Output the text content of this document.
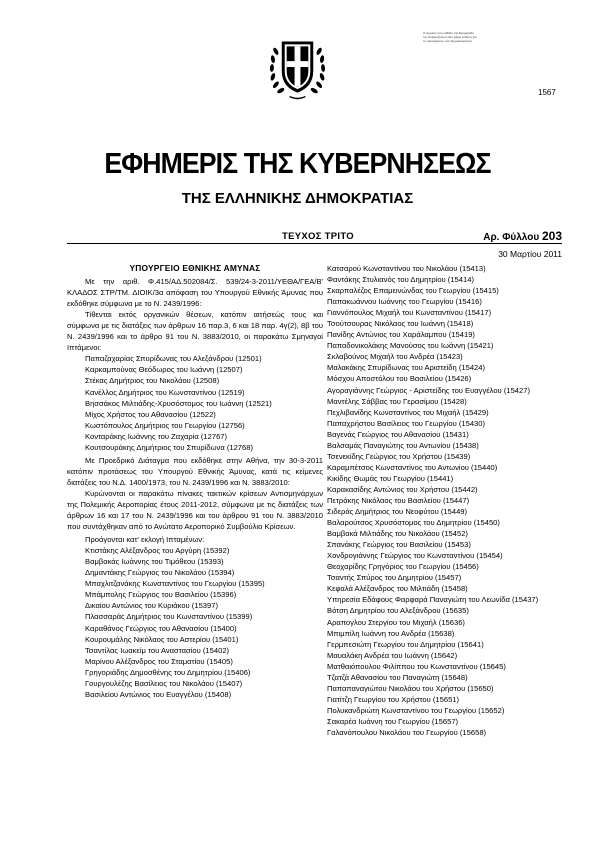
Ο φορέας που εκδίδει την Εφημερίδα της Κυβερνήσεως δεν φέρει ευθύνη για το περιεχόμενο των δημοσιευμάτων
1567
ΕΦΗΜΕΡΙΣ ΤΗΣ ΚΥΒΕΡΝΗΣΕΩΣ
ΤΗΣ ΕΛΛΗΝΙΚΗΣ ΔΗΜΟΚΡΑΤΙΑΣ
ΤΕΥΧΟΣ ΤΡΙΤΟ	Αρ. Φύλλου 203
30 Μαρτίου 2011
ΥΠΟΥΡΓΕΙΟ ΕΘΝΙΚΗΣ ΑΜΥΝΑΣ
Με την αριθ. Φ.415/ΑΔ.502084/Σ. 539/24-3-2011/ΥΕΘΑ/ΓΕΑ/Β' ΚΛΑΔΟΣ ΣΤΡ/ΤΜ. ΔΙΟΙΚ/3α απόφαση του Υπουργού Εθνικής Άμυνας που εκδόθηκε σύμφωνα με το Ν. 2439/1996:
Τίθενται εκτός οργανικών θέσεων, κατόπιν αιτήσεώς τους και σύμφωνα με τις διατάξεις των άρθρων 16 παρ.3, 6 και 18 παρ. 4γ(2), 8β του Ν. 2439/1996 και το άρθρο 91 του Ν. 3883/2010, οι παρακάτω Σμηναγοί Ιπτάμενοι:
Παπαζαχαρίας Σπυρίδωνας του Αλεξάνδρου (12501)
Καρκαμπούνας Θεόδωρος του Ιωάννη (12507)
Στέκας Δημήτριος του Νικολάου (12508)
Κανέλλος Δημήτριος του Κωνσταντίνου (12519)
Βησσάκος Μιλτιάδης-Χρυσόστομος του Ιωάννη (12521)
Μίχος Χρήστος του Αθανασίου (12522)
Κωστόπουλος Δημήτριος του Γεωργίου (12756)
Κονταράκης Ιωάννης του Ζαχαρία (12767)
Κουτσουράκης Δημήτριος του Σπυρίδωνα (12768)
Με Προεδρικό Διάταγμα που εκδόθηκε στην Αθήνα, την 30-3-2011 κατόπιν προτάσεως του Υπουργού Εθνικής Άμυνας, κατά τις κείμενες διατάξεις του Ν.Δ. 1400/1973, του Ν. 2439/1996 και Ν. 3883/2010:
Κυρώνονται οι παρακάτω πίνακες τακτικών κρίσεων Αντισμηνάρχων της Πολεμικής Αεροπορίας έτους 2011-2012, σύμφωνα με τις διατάξεις των άρθρων 16 και 17 του Ν. 2439/1996 και του άρθρου 91 του Ν. 3883/2010 που συντάχθηκαν από το Ανώτατο Αεροπορικό Συμβούλιο Κρίσεων.
Προάγονται κατ' εκλογή Ιπταμένων:
Κτιστάκης Αλέξανδρος του Αργύρη (15392)
Βαμβακάς Ιωάννης του Τιμόθεου (15393)
Δημαντάκης Γεώργιος του Νικολάου (15394)
Μπαχλιτζανάκης Κωνσταντίνος του Γεωργίου (15395)
Μπάμπολης Γεώργιος του Βασιλείου (15396)
Δικαίου Αντώνιος του Κυριάκου (15397)
Πλασσαράς Δημήτριος του Κωνσταντίνου (15399)
Καραθάνος Γεώργιος του Αθανασίου (15400)
Κουρουμάλης Νικόλαος του Αστερίου (15401)
Τσαντίλας Ιωακείμ του Αναστασίου (15402)
Μαρίνου Αλέξανδρος του Σταματίου (15405)
Γρηγοριάδης Δημοσθένης του Δημητρίου (15406)
Γουργουλέζης Βασίλειος του Νικολάου (15407)
Βασιλείου Αντώνιος του Ευαγγέλου (15408)
Κατσαρού Κωνσταντίνου του Νικολάου (15413)
Φαντάκης Στυλιανός του Δημητρίου (15414)
Σκαρπαλέζος Επαμεινώνδας του Γεωργίου (15415)
Παπακωάννου Ιωάννης του Γεωργίου (15416)
Γιαννόπουλος Μιχαήλ του Κωνσταντίνου (15417)
Τσούτσουρας Νικόλαος του Ιωάννη (15418)
Πανίδης Αντώνιος του Χαράλαμπου (15419)
Παπαδονικολάκης Μανούσος του Ιωάννη (15421)
Σκλαβούνος Μιχαήλ του Ανδρέα (15423)
Μαλακάκης Σπυρίδωνας του Αριστείδη (15424)
Μόσχου Αποστόλου του Βασιλείου (15426)
Αγοραγιάννης Γεώργιος - Αριστείδης του Ευαγγέλου (15427)
Μαντέλης Σάββας του Γερασίμου (15428)
Πεχλιβανίδης Κωνσταντίνος του Μιχαήλ (15429)
Παπαχρήστου Βασίλειος του Γεωργίου (15430)
Βαγενάς Γεώργιος του Αθανασίου (15431)
Βαλσαμάς Παναγιώτης του Αντωνίου (15438)
Τσενεκίδης Γεώργιος του Χρήστου (15439)
Καραμπέτσος Κωνσταντίνος του Αντωνίου (15440)
Κικίδης Θωμάς του Γεωργίου (15441)
Καρακασίδης Αντώνιος του Χρήστου (15442)
Πετράκης Νικόλαος του Βασιλείου (15447)
Σιδεράς Δημήτριος του Νεοφύτου (15449)
Βαλαρούτσος Χρυσόστομος του Δημητρίου (15450)
Βαμβακά Μιλτιάδης του Νικολάου (15452)
Σπανάκης Γεώργιος του Βασιλείου (15453)
Χονδρογιάννης Γεώργιος του Κωνσταντίνου (15454)
Θεοχαρίδης Γρηγόριος του Γεωργίου (15456)
Τσαντής Σπύρος του Δημητρίου (15457)
Κεφαλά Αλέξανδρος του Μιλτιάδη (15458)
Υπηρεσία Εδάφους Φαρφαρά Παναγιώτη του Λεωνίδα (15437)
Βότση Δημητρίου του Αλεξάνδρου (15635)
Αραπογλου Στεργίου του Μιχαήλ (15636)
Μπιμπίλη Ιωάννη του Ανδρέα (15638)
Γερμπεσιώτη Γεωργίου του Δημητρίου (15641)
Μαυαλάκη Ανδρέα του Ιωάννη (15642)
Ματθαιόπουλου Φιλίππου του Κωνσταντίνου (15645)
Τζατζά Αθανασίου του Παναγιώτη (15648)
Παπαπαναγιώτου Νικολάου του Χρήστου (15650)
Γιατίτζη Γεωργίου του Χρήστου (15651)
Πολυκανδριώτη Κωνσταντίνου του Γεωργίου (15652)
Σακαρέα Ιωάννη του Γεωργίου (15657)
Γαλανόπουλου Νικολάου του Γεωργίου (15658)
